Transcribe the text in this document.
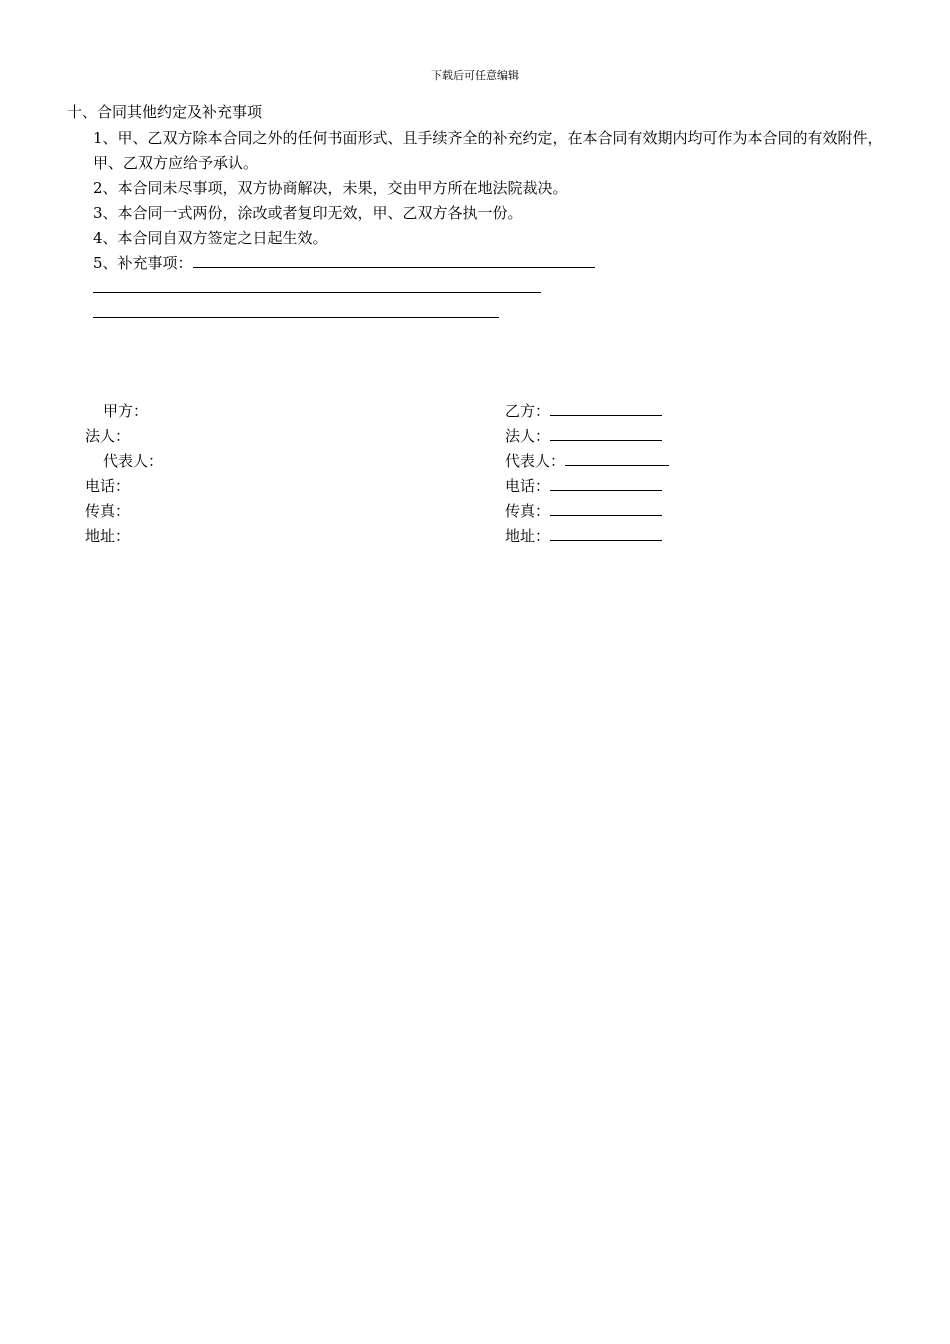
下载后可任意编辑
十、合同其他约定及补充事项

1、甲、乙双方除本合同之外的任何书面形式、且手续齐全的补充约定，在本合同有效期内均可作为本合同的有效附件，甲、乙双方应给予承认。

2、本合同未尽事项，双方协商解决，未果，交由甲方所在地法院裁决。

3、本合同一式两份，涂改或者复印无效，甲、乙双方各执一份。

4、本合同自双方签定之日起生效。

5、补充事项：

甲方：
法人：
代表人：
电话：
传真：
地址：
乙方：
法人：
代表人：
电话：
传真：
地址：
